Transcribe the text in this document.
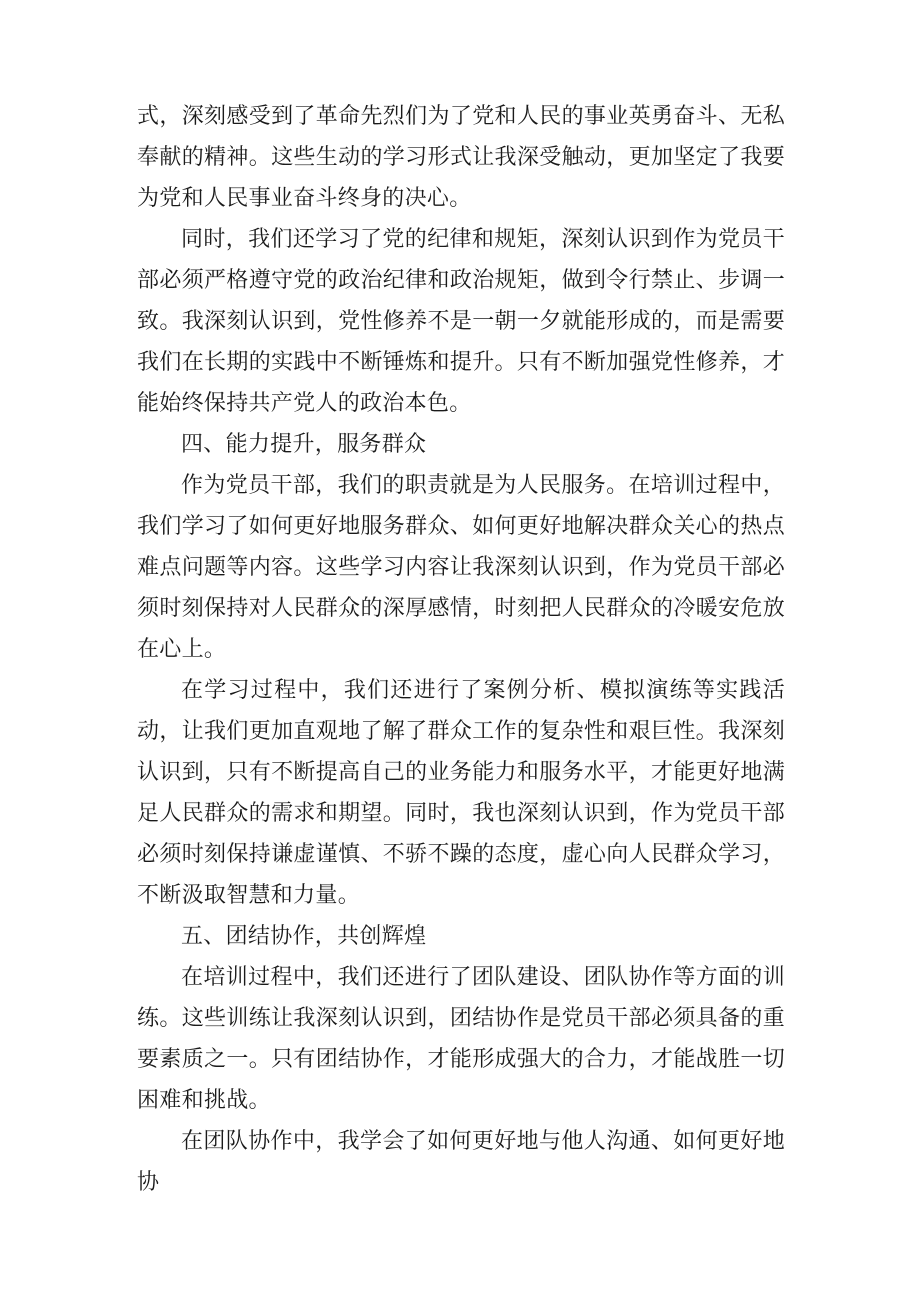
式，深刻感受到了革命先烈们为了党和人民的事业英勇奋斗、无私奉献的精神。这些生动的学习形式让我深受触动，更加坚定了我要为党和人民事业奋斗终身的决心。

同时，我们还学习了党的纪律和规矩，深刻认识到作为党员干部必须严格遵守党的政治纪律和政治规矩，做到令行禁止、步调一致。我深刻认识到，党性修养不是一朝一夕就能形成的，而是需要我们在长期的实践中不断锤炼和提升。只有不断加强党性修养，才能始终保持共产党人的政治本色。

四、能力提升，服务群众

作为党员干部，我们的职责就是为人民服务。在培训过程中，我们学习了如何更好地服务群众、如何更好地解决群众关心的热点难点问题等内容。这些学习内容让我深刻认识到，作为党员干部必须时刻保持对人民群众的深厚感情，时刻把人民群众的冷暖安危放在心上。

在学习过程中，我们还进行了案例分析、模拟演练等实践活动，让我们更加直观地了解了群众工作的复杂性和艰巨性。我深刻认识到，只有不断提高自己的业务能力和服务水平，才能更好地满足人民群众的需求和期望。同时，我也深刻认识到，作为党员干部必须时刻保持谦虚谨慎、不骄不躁的态度，虚心向人民群众学习，不断汲取智慧和力量。

五、团结协作，共创辉煌

在培训过程中，我们还进行了团队建设、团队协作等方面的训练。这些训练让我深刻认识到，团结协作是党员干部必须具备的重要素质之一。只有团结协作，才能形成强大的合力，才能战胜一切困难和挑战。

在团队协作中，我学会了如何更好地与他人沟通、如何更好地协
